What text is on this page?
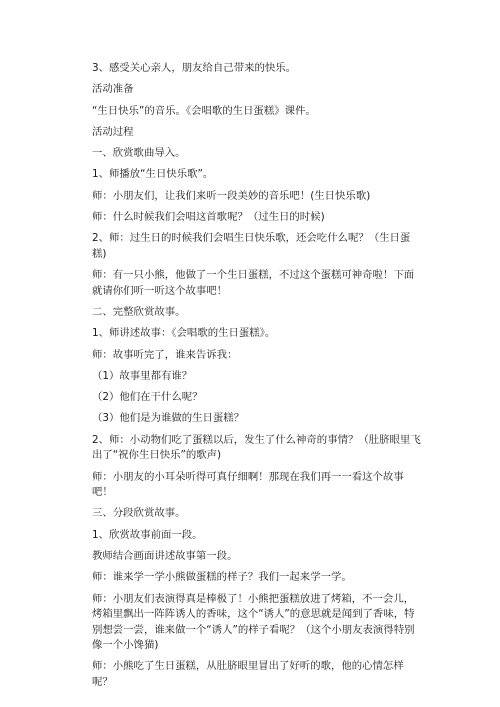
3、感受关心亲人，朋友给自己带来的快乐。

活动准备

“生日快乐”的音乐。《会唱歌的生日蛋糕》课件。

活动过程

一、欣赏歌曲导入。

1、师播放“生日快乐歌”。

师：小朋友们，让我们来听一段美妙的音乐吧！(生日快乐歌)

师：什么时候我们会唱这首歌呢？（过生日的时候)

2、师：过生日的时候我们会唱生日快乐歌，还会吃什么呢？（生日蛋糕)

师：有一只小熊，他做了一个生日蛋糕，不过这个蛋糕可神奇啦！下面就请你们听一听这个故事吧！

二、完整欣赏故事。

1、师讲述故事：《会唱歌的生日蛋糕》。

师：故事听完了，谁来告诉我：

（1）故事里都有谁？

（2）他们在干什么呢？

（3）他们是为谁做的生日蛋糕？

2、师：小动物们吃了蛋糕以后，发生了什么神奇的事情？（肚脐眼里飞出了“祝你生日快乐”的歌声)

师：小朋友的小耳朵听得可真仔细啊！那现在我们再一一看这个故事吧！

三、分段欣赏故事。

1、欣赏故事前面一段。

教师结合画面讲述故事第一段。

师：谁来学一学小熊做蛋糕的样子？我们一起来学一学。

师：小朋友们表演得真是棒极了！小熊把蛋糕放进了烤箱，不一会儿，烤箱里飘出一阵阵诱人的香味，这个“诱人”的意思就是闻到了香味，特别想尝一尝，谁来做一个“诱人”的样子看呢？（这个小朋友表演得特别像一个小馋猫)

师：小熊吃了生日蛋糕，从肚脐眼里冒出了好听的歌，他的心情怎样呢？
